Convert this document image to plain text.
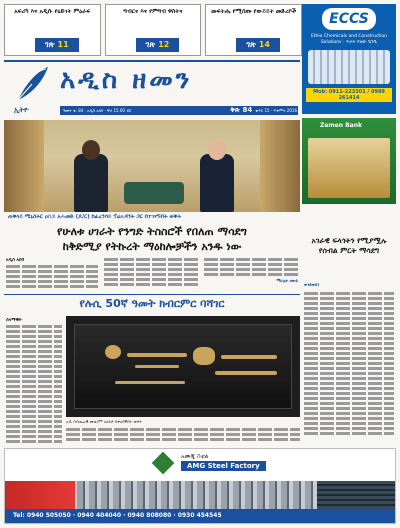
አፍሪካ እና አዲሱ የዕድገት ምዕራፍ
ገጽ 11
ግብርና እና የምግብ ዋስትና
ገጽ 12
መፍትሔ የሚሰጡ የውይይት መድረኮች
ገጽ 14
ECCS
Ethio Chemicals and Construction Solutions · ጥራት ያለው ቧንቧ
Mob: 0911-223301 / 0989 261414
ኢትዮ
አዲስ ዘመን
ዓመት ቁ. 84 · አዲስ አበባ · ዋጋ 15.00 ብር	ቅጽ 84 ቁጥር 15 · ጥቅምት 2016
ጠቅላይ ሚኒስትር ዐቢይ አሕመድ (ዶ/ር) ከፈረንሳይ ፕሬዚዳንት ጋር በተገናኙበት ወቅት
የሁለቱ ሀገራት የንግድ ትስስሮች የበለጠ ማሳደግ
ከቅድሚያ የትኩረት ማዕከሎቻችን አንዱ ነው
አዲስ አበባ
ማህሌት ዘውዴ
የሉሲ 50ኛ ዓመት ክብርምር ባሻገር
ሰላማዊት
ሉሲ በብሔራዊ ሙዚየም ለዕይታ በቀረበችበት ወቅት
Zemen Bank
አገራዊ ፍላጎትን የሚያሟሉ የሰብል ምርት ማሳደግ
ወንድወሰን
አሙጂ ስቲል
AMG Steel Factory
Tel: 0940 505050 · 0940 404040 · 0940 808080 · 0930 454545
